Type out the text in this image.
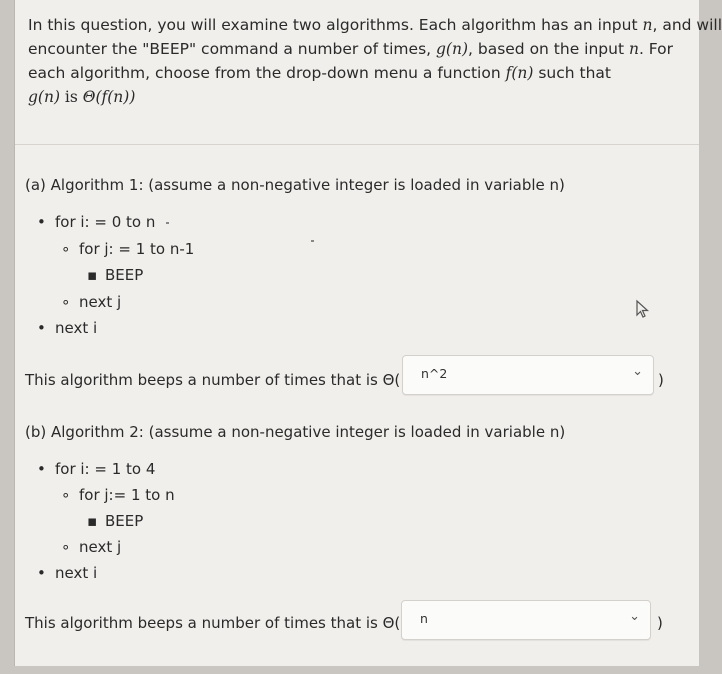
In this question, you will examine two algorithms. Each algorithm has an input n, and will
encounter the "BEEP" command a number of times, g(n), based on the input n. For
each algorithm, choose from the drop-down menu a function f(n) such that
g(n) is Θ(f(n))
(a) Algorithm 1: (assume a non-negative integer is loaded in variable n)
• for i: = 0 to n
∘ for j: = 1 to n-1
▪ BEEP
∘ next j
• next i
This algorithm beeps a number of times that is Θ( n^2	⌄ )
(b) Algorithm 2: (assume a non-negative integer is loaded in variable n)
• for i: = 1 to 4
∘ for j:= 1 to n
▪ BEEP
∘ next j
• next i
This algorithm beeps a number of times that is Θ( n	⌄ )
